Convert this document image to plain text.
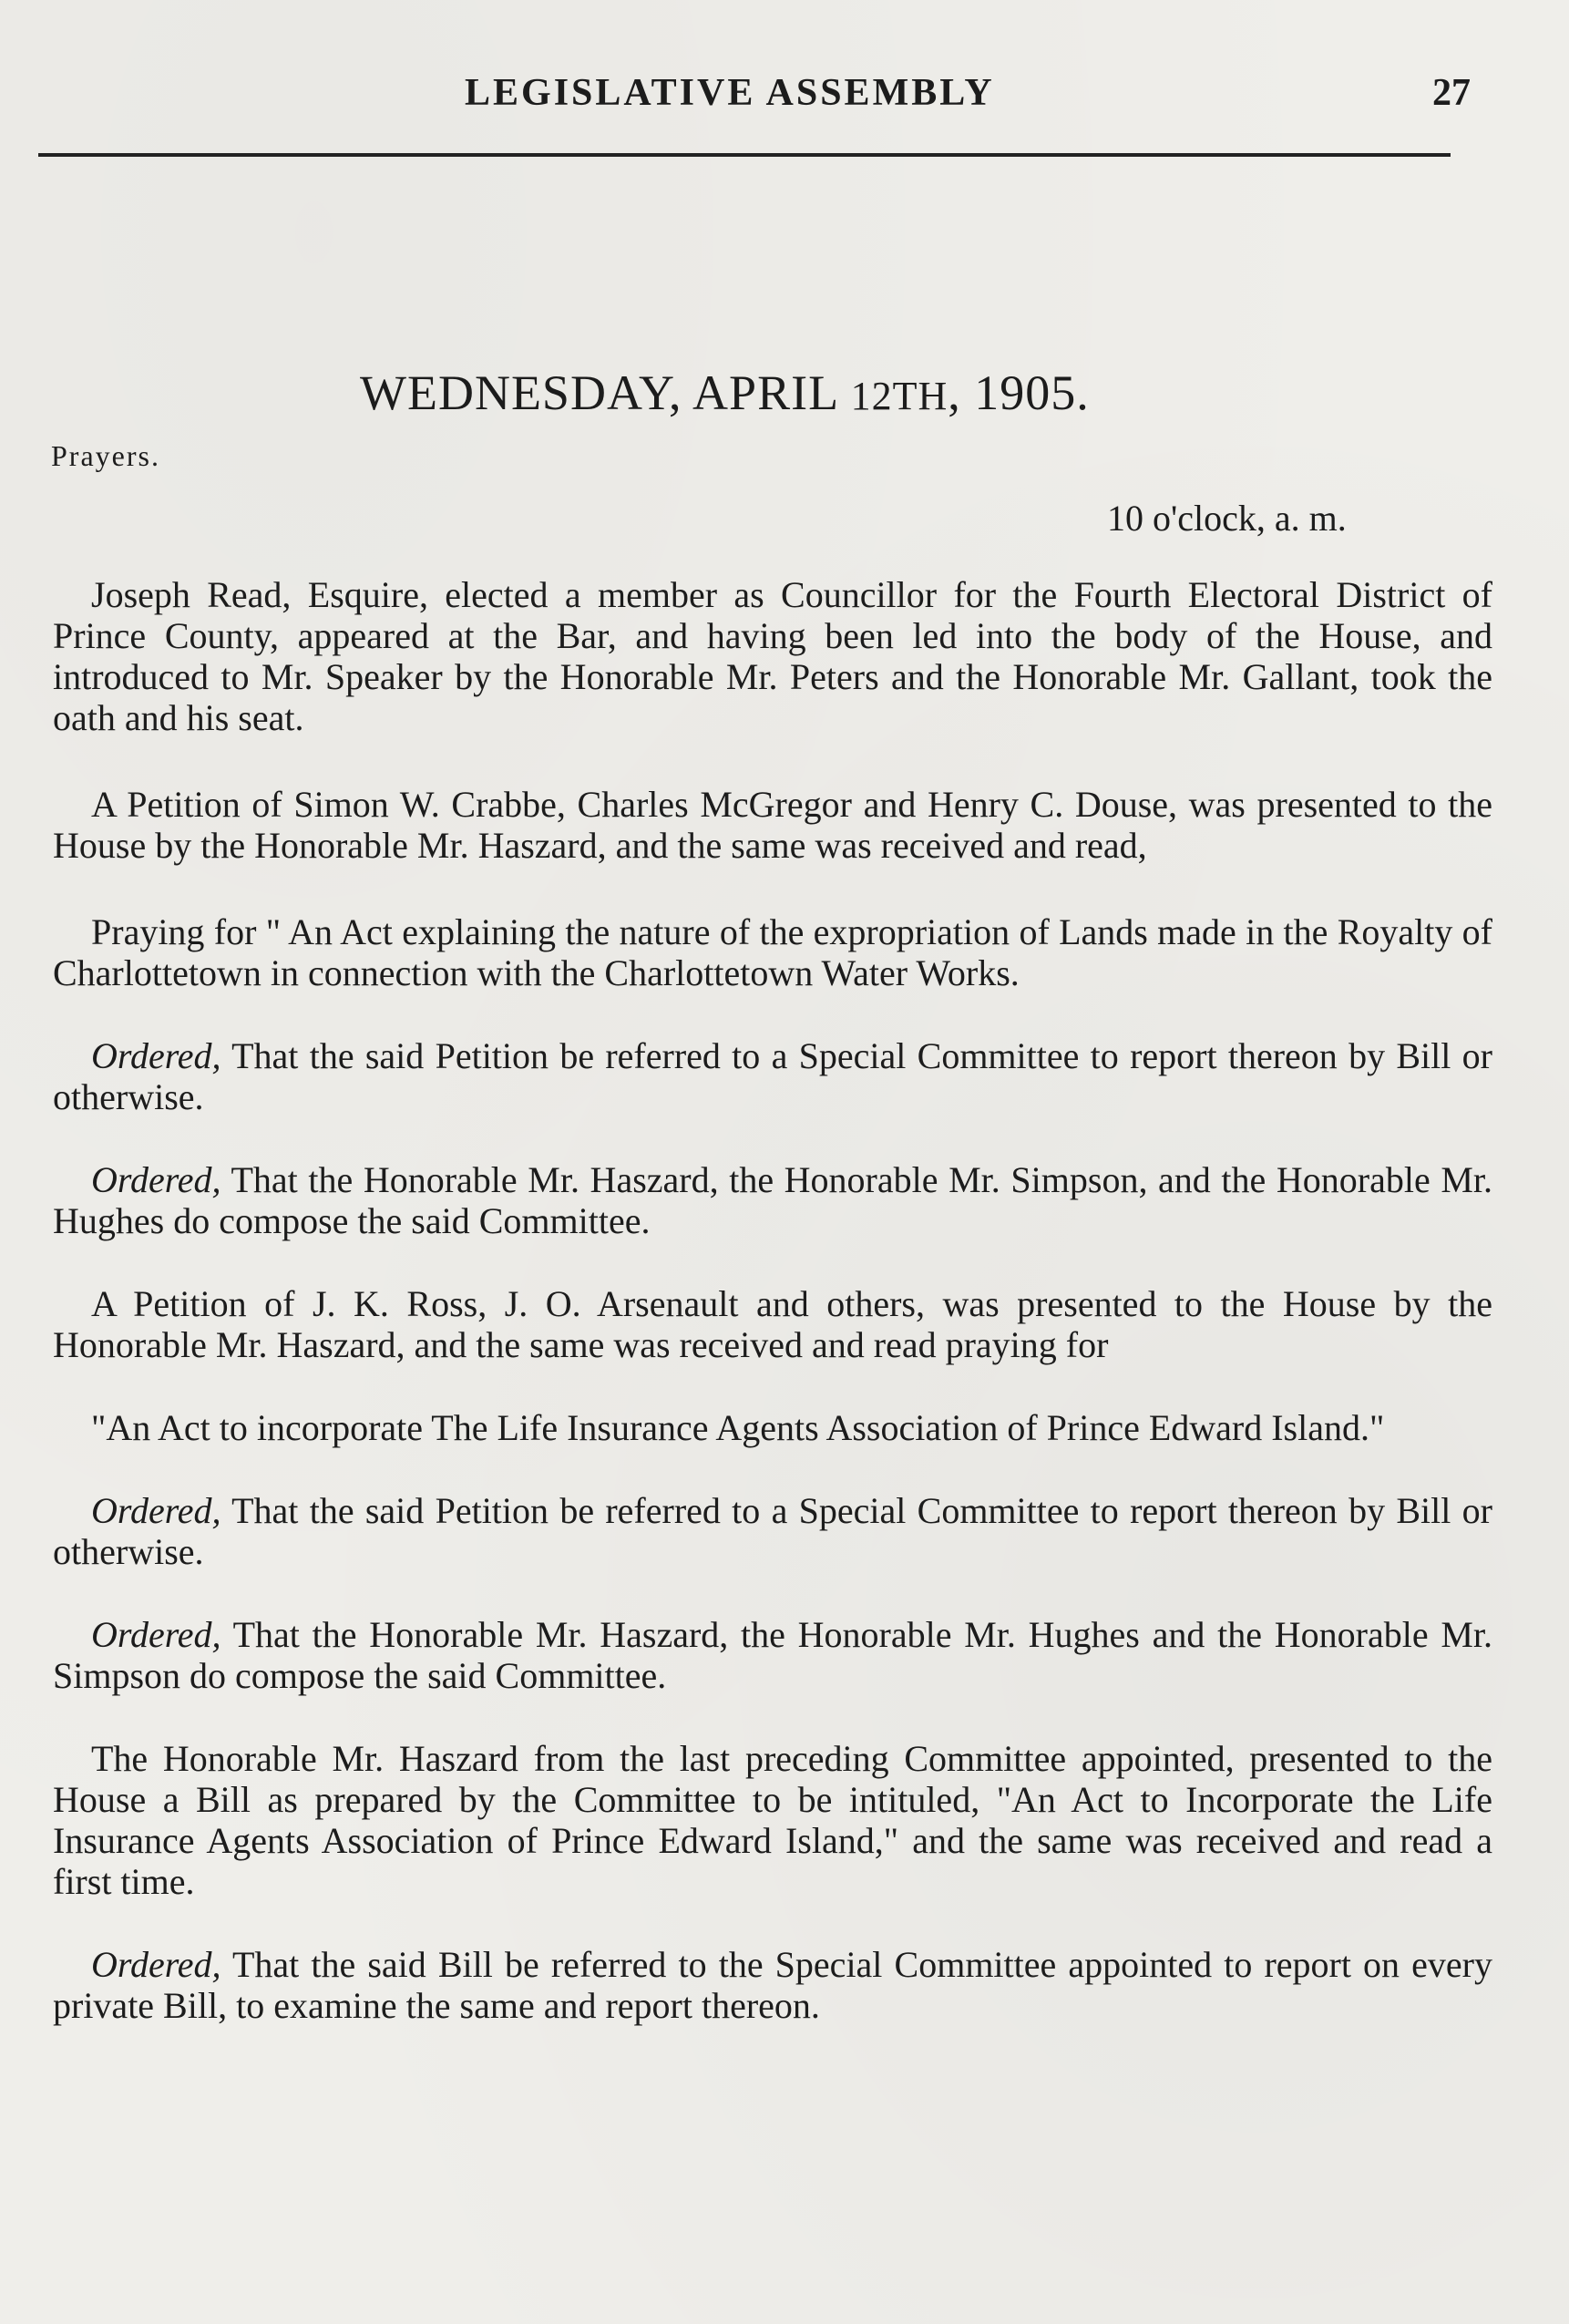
LEGISLATIVE ASSEMBLY	27
WEDNESDAY, APRIL 12TH, 1905.
Prayers.
10 o'clock, a. m.

Joseph Read, Esquire, elected a member as Councillor for the Fourth Electoral District of Prince County, appeared at the Bar, and having been led into the body of the House, and introduced to Mr. Speaker by the Honorable Mr. Peters and the Honorable Mr. Gallant, took the oath and his seat.

A Petition of Simon W. Crabbe, Charles McGregor and Henry C. Douse, was presented to the House by the Honorable Mr. Haszard, and the same was received and read,

Praying for " An Act explaining the nature of the expropriation of Lands made in the Royalty of Charlottetown in connection with the Charlottetown Water Works.

Ordered, That the said Petition be referred to a Special Committee to report thereon by Bill or otherwise.

Ordered, That the Honorable Mr. Haszard, the Honorable Mr. Simpson, and the Honorable Mr. Hughes do compose the said Committee.

A Petition of J. K. Ross, J. O. Arsenault and others, was presented to the House by the Honorable Mr. Haszard, and the same was received and read praying for

"An Act to incorporate The Life Insurance Agents Association of Prince Edward Island."

Ordered, That the said Petition be referred to a Special Committee to report thereon by Bill or otherwise.

Ordered, That the Honorable Mr. Haszard, the Honorable Mr. Hughes and the Honorable Mr. Simpson do compose the said Committee.

The Honorable Mr. Haszard from the last preceding Committee appointed, presented to the House a Bill as prepared by the Committee to be intituled, "An Act to Incorporate the Life Insurance Agents Association of Prince Edward Island," and the same was received and read a first time.

Ordered, That the said Bill be referred to the Special Committee appointed to report on every private Bill, to examine the same and report thereon.
